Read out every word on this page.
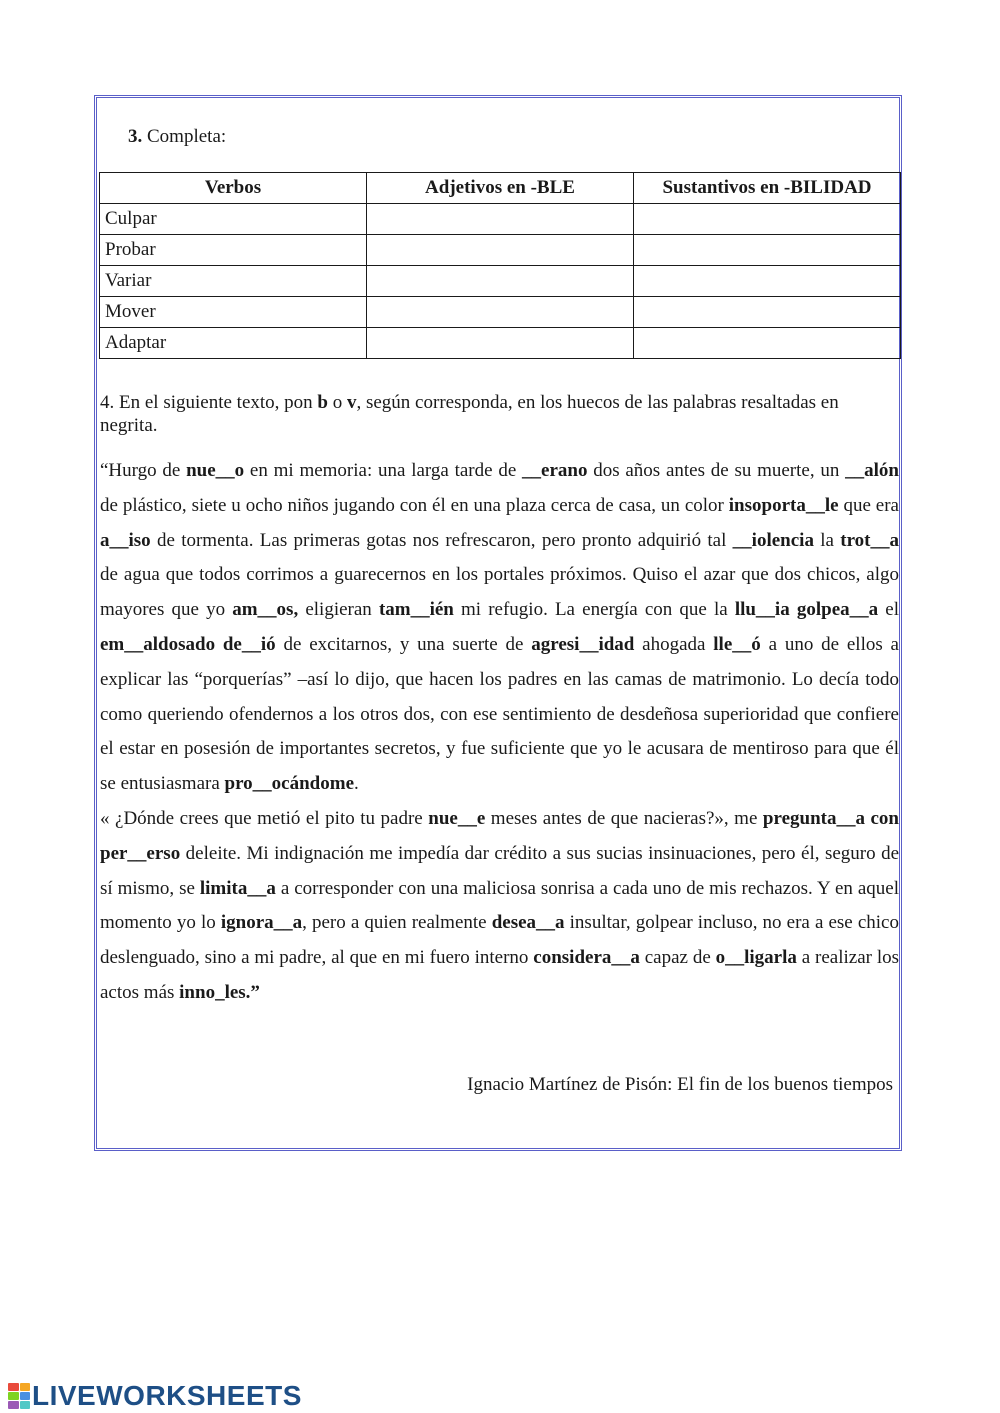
3. Completa:

Verbos	Adjetivos en -BLE	Sustantivos en -BILIDAD
Culpar		
Probar		
Variar		
Mover		
Adaptar		

4. En el siguiente texto, pon b o v, según corresponda, en los huecos de las palabras resaltadas en negrita.

“Hurgo de nue__o en mi memoria: una larga tarde de __erano dos años antes de su muerte, un __alón de plástico, siete u ocho niños jugando con él en una plaza cerca de casa, un color insoporta__le que era a__iso de tormenta. Las primeras gotas nos refrescaron, pero pronto adquirió tal __iolencia la trot__a de agua que todos corrimos a guarecernos en los portales próximos. Quiso el azar que dos chicos, algo mayores que yo am__os, eligieran tam__ién mi refugio. La energía con que la llu__ia golpea__a el em__aldosado de__ió de excitarnos, y una suerte de agresi__idad ahogada lle__ó a uno de ellos a explicar las “porquerías” –así lo dijo, que hacen los padres en las camas de matrimonio. Lo decía todo como queriendo ofendernos a los otros dos, con ese sentimiento de desdeñosa superioridad que confiere el estar en posesión de importantes secretos, y fue suficiente que yo le acusara de mentiroso para que él se entusiasmara pro__ocándome.

« ¿Dónde crees que metió el pito tu padre nue__e meses antes de que nacieras?», me pregunta__a con per__erso deleite. Mi indignación me impedía dar crédito a sus sucias insinuaciones, pero él, seguro de sí mismo, se limita__a a corresponder con una maliciosa sonrisa a cada uno de mis rechazos. Y en aquel momento yo lo ignora__a, pero a quien realmente desea__a insultar, golpear incluso, no era a ese chico deslenguado, sino a mi padre, al que en mi fuero interno considera__a capaz de o__ligarla a realizar los actos más inno_les.”

Ignacio Martínez de Pisón: El fin de los buenos tiempos

LIVEWORKSHEETS
